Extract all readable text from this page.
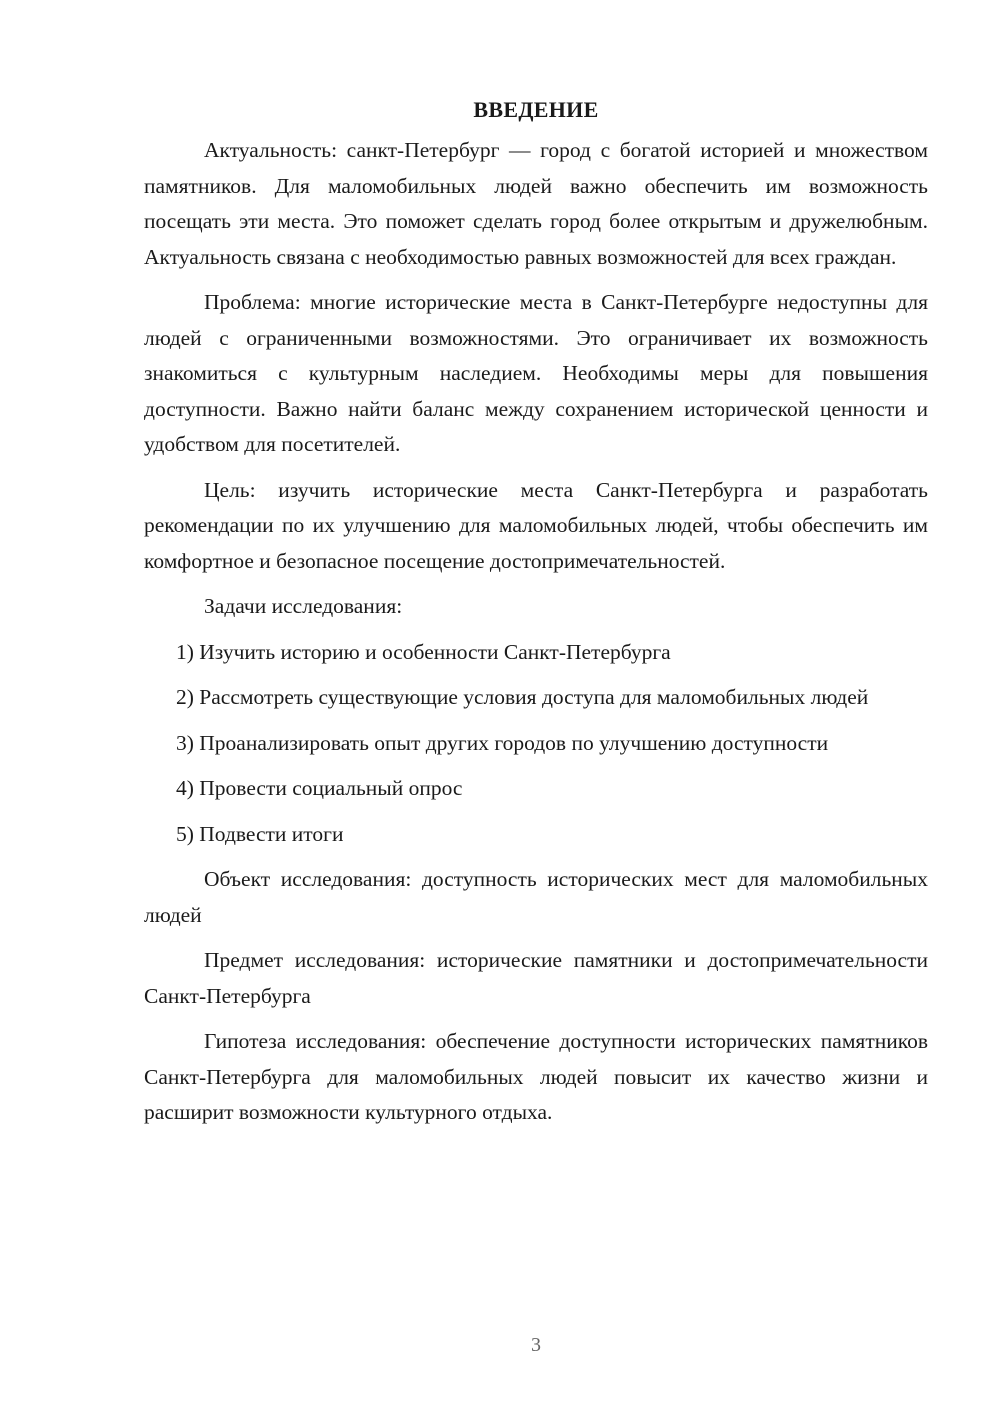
ВВЕДЕНИЕ

Актуальность: санкт-Петербург — город с богатой историей и множеством памятников. Для маломобильных людей важно обеспечить им возможность посещать эти места. Это поможет сделать город более открытым и дружелюбным. Актуальность связана с необходимостью равных возможностей для всех граждан.

Проблема: многие исторические места в Санкт-Петербурге недоступны для людей с ограниченными возможностями. Это ограничивает их возможность знакомиться с культурным наследием. Необходимы меры для повышения доступности. Важно найти баланс между сохранением исторической ценности и удобством для посетителей.

Цель: изучить исторические места Санкт-Петербурга и разработать рекомендации по их улучшению для маломобильных людей, чтобы обеспечить им комфортное и безопасное посещение достопримечательностей.

Задачи исследования:

1) Изучить историю и особенности Санкт-Петербурга

2) Рассмотреть существующие условия доступа для маломобильных людей

3) Проанализировать опыт других городов по улучшению доступности

4) Провести социальный опрос

5) Подвести итоги

Объект исследования: доступность исторических мест для маломобильных людей

Предмет исследования: исторические памятники и достопримечательности Санкт-Петербурга

Гипотеза исследования: обеспечение доступности исторических памятников Санкт-Петербурга для маломобильных людей повысит их качество жизни и расширит возможности культурного отдыха.

3
